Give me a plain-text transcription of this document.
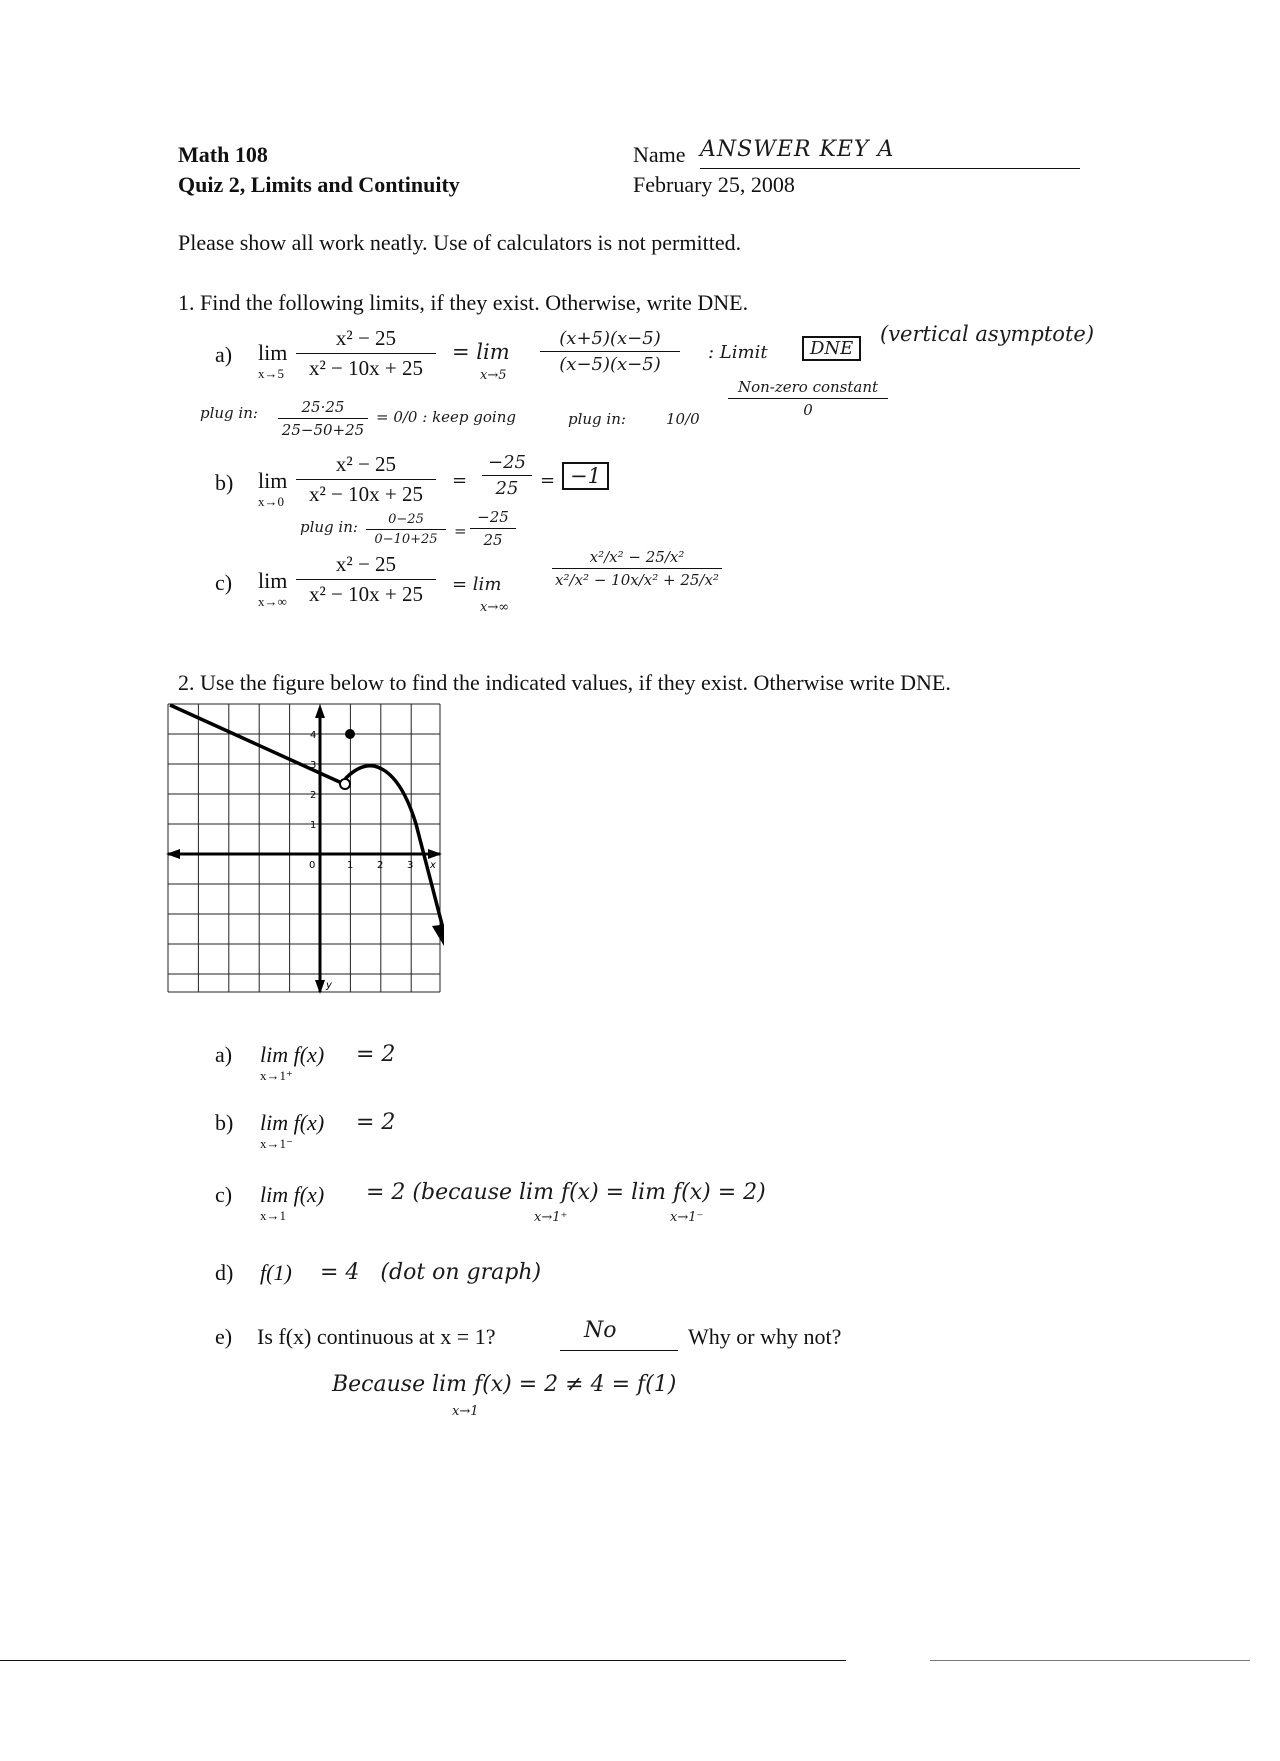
Math 108
Quiz 2, Limits and Continuity
Name ANSWER KEY A
February 25, 2008
Please show all work neatly. Use of calculators is not permitted.
1. Find the following limits, if they exist. Otherwise, write DNE.
a) lim
$x\to 5 \frac{\text{x² − 25}}{\text{x² − 10x + 25}} = \lim$
x→5
$\frac{(x+5)(x-5)}{(x-5)(x-5)}$ : Limit	DNE
(vertical asymptote)
plug in: $\frac{25\cdot 25}{25-50+25} = 0/0$ : keep going	plug in:	10/0
Non-zero constant
0
b) lim
$x\to 0 \frac{\text{x² − 25}}{\text{x² − 10x + 25}} = \frac{-25}{25} = -1$
plug in: $\frac{0-25}{0-10+25} = \frac{-25}{25}$
c) lim
$x\to\infty \frac{\text{x² − 25}}{\text{x² − 10x + 25}} = \lim$
x→∞
$\frac{\text{x²/x² − 25/x²}}{\text{x²/x² − 10x/x² + 25/x²}}$
2. Use the figure below to find the indicated values, if they exist. Otherwise write DNE.
0	1 2 3
1
2
3
4
x
y
a) lim f(x)
x→1⁺
= 2
b) lim f(x)
x→1⁻
= 2
c) lim f(x)
x→1
= 2 (because lim f(x) = lim f(x) = 2)
x→1⁺	x→1⁻
d) f(1) = 4   (dot on graph)
e) Is f(x) continuous at x = 1?	No	Why or why not?
Because lim f(x) = 2 ≠ 4 = f(1)
x→1
